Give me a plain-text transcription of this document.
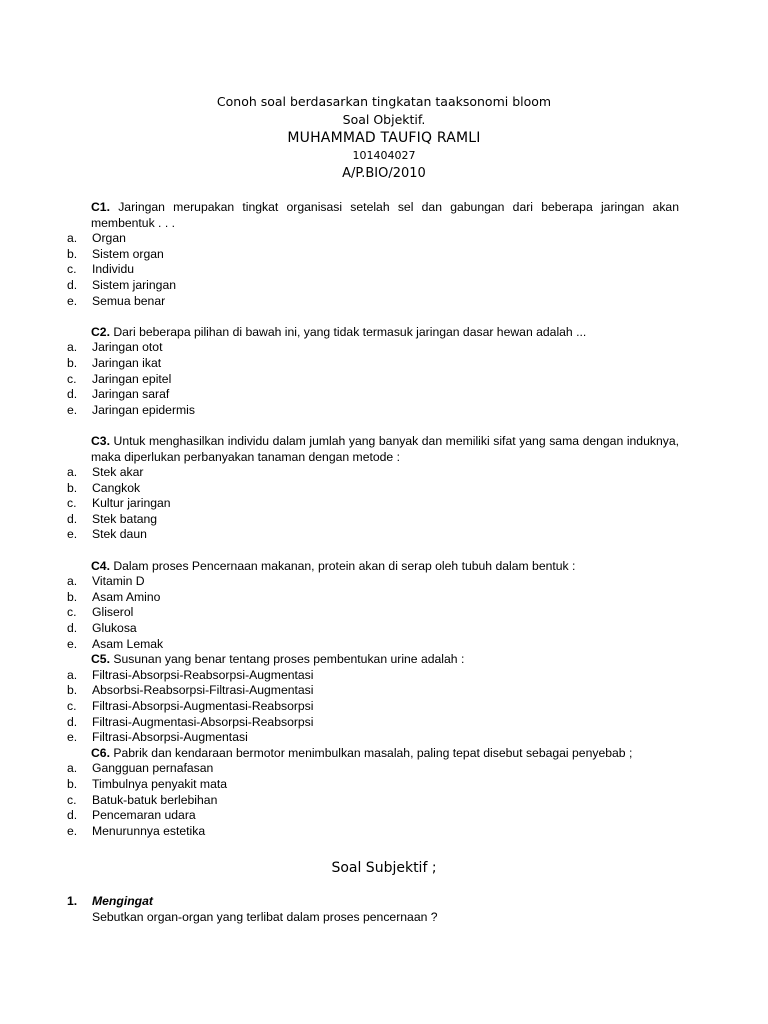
Conoh soal berdasarkan tingkatan taaksonomi bloom
Soal Objektif.
MUHAMMAD TAUFIQ RAMLI
101404027
A/P.BIO/2010
C1. Jaringan merupakan tingkat organisasi setelah sel dan gabungan dari beberapa jaringan akan membentuk . . .
a.	Organ
b.	Sistem organ
c.	Individu
d.	Sistem jaringan
e.	Semua benar
C2. Dari beberapa pilihan di bawah ini, yang tidak termasuk jaringan dasar hewan adalah ...
a.	Jaringan otot
b.	Jaringan ikat
c.	Jaringan epitel
d.	Jaringan saraf
e.	Jaringan epidermis
C3. Untuk menghasilkan individu dalam jumlah yang banyak dan memiliki sifat yang sama dengan induknya, maka diperlukan perbanyakan tanaman dengan metode :
a.	Stek akar
b.	Cangkok
c.	Kultur jaringan
d.	Stek batang
e.	Stek daun
C4. Dalam proses Pencernaan makanan, protein akan di serap oleh tubuh dalam bentuk :
a.	Vitamin D
b.	Asam Amino
c.	Gliserol
d.	Glukosa
e.	Asam Lemak
C5. Susunan yang benar tentang proses pembentukan urine adalah :
a.	Filtrasi-Absorpsi-Reabsorpsi-Augmentasi
b.	Absorbsi-Reabsorpsi-Filtrasi-Augmentasi
c.	Filtrasi-Absorpsi-Augmentasi-Reabsorpsi
d.	Filtrasi-Augmentasi-Absorpsi-Reabsorpsi
e.	Filtrasi-Absorpsi-Augmentasi
C6. Pabrik dan kendaraan bermotor menimbulkan masalah, paling tepat disebut sebagai penyebab ;
a.	Gangguan pernafasan
b.	Timbulnya penyakit mata
c.	Batuk-batuk berlebihan
d.	Pencemaran udara
e.	Menurunnya estetika
Soal Subjektif ;
1.	Mengingat
Sebutkan organ-organ yang terlibat dalam proses pencernaan ?
